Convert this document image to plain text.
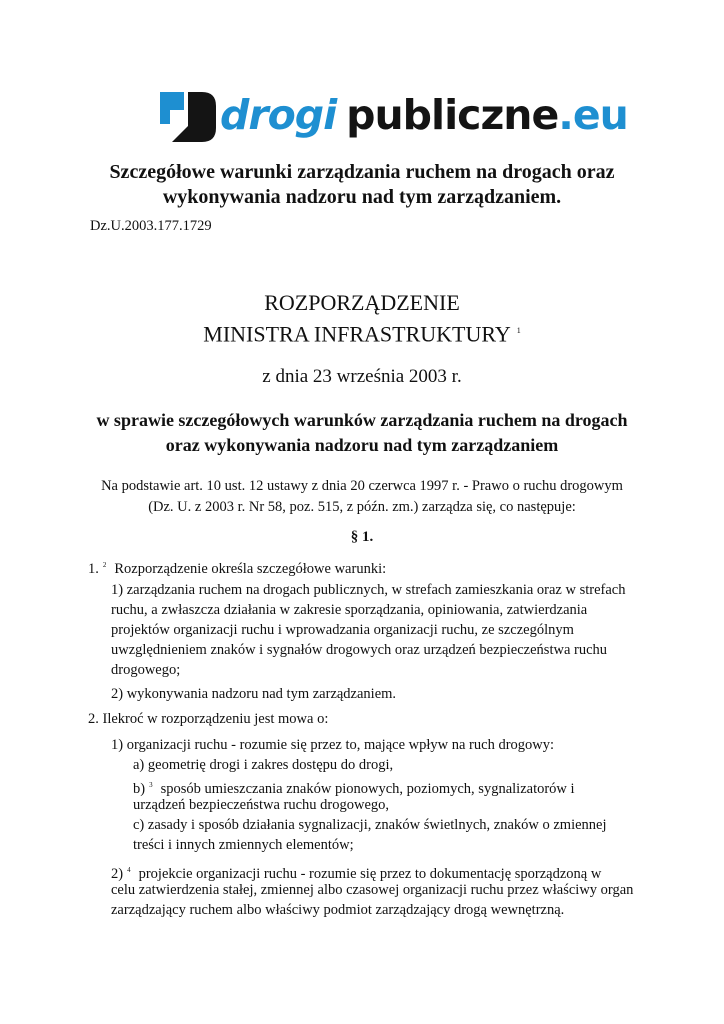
drogi publiczne.eu
Szczegółowe warunki zarządzania ruchem na drogach oraz
wykonywania nadzoru nad tym zarządzaniem.
Dz.U.2003.177.1729
ROZPORZĄDZENIE
MINISTRA INFRASTRUKTURY $^1$
z dnia 23 września 2003 r.
w sprawie szczegółowych warunków zarządzania ruchem na drogach
oraz wykonywania nadzoru nad tym zarządzaniem
Na podstawie art. 10 ust. 12 ustawy z dnia 20 czerwca 1997 r. - Prawo o ruchu drogowym
(Dz. U. z 2003 r. Nr 58, poz. 515, z późn. zm.) zarządza się, co następuje:
§ 1.
1. $^2$ Rozporządzenie określa szczegółowe warunki:
1) zarządzania ruchem na drogach publicznych, w strefach zamieszkania oraz w strefach
ruchu, a zwłaszcza działania w zakresie sporządzania, opiniowania, zatwierdzania
projektów organizacji ruchu i wprowadzania organizacji ruchu, ze szczególnym
uwzględnieniem znaków i sygnałów drogowych oraz urządzeń bezpieczeństwa ruchu
drogowego;
2) wykonywania nadzoru nad tym zarządzaniem.
2. Ilekroć w rozporządzeniu jest mowa o:
1) organizacji ruchu - rozumie się przez to, mające wpływ na ruch drogowy:
a) geometrię drogi i zakres dostępu do drogi,
b) $^3$ sposób umieszczania znaków pionowych, poziomych, sygnalizatorów i
urządzeń bezpieczeństwa ruchu drogowego,
c) zasady i sposób działania sygnalizacji, znaków świetlnych, znaków o zmiennej
treści i innych zmiennych elementów;
2) $^4$ projekcie organizacji ruchu - rozumie się przez to dokumentację sporządzoną w
celu zatwierdzenia stałej, zmiennej albo czasowej organizacji ruchu przez właściwy organ
zarządzający ruchem albo właściwy podmiot zarządzający drogą wewnętrzną.
